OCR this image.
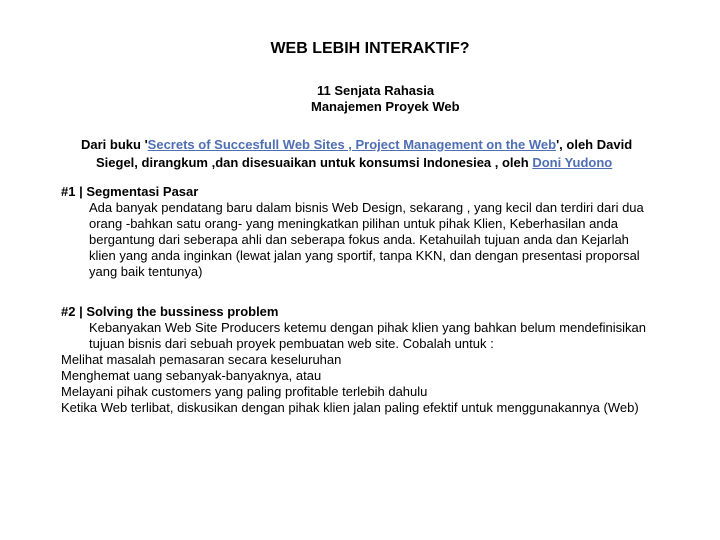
WEB LEBIH INTERAKTIF?
11 Senjata Rahasia
Manajemen Proyek Web
Dari buku 'Secrets of Succesfull Web Sites , Project Management on the Web', oleh David
Siegel, dirangkum ,dan disesuaikan untuk konsumsi Indonesiea , oleh Doni Yudono
#1 | Segmentasi Pasar
Ada banyak pendatang baru dalam bisnis Web Design, sekarang , yang kecil dan terdiri dari dua
orang -bahkan satu orang- yang meningkatkan pilihan untuk pihak Klien, Keberhasilan anda
bergantung dari seberapa ahli dan seberapa fokus anda. Ketahuilah tujuan anda dan Kejarlah
klien yang anda inginkan (lewat jalan yang sportif, tanpa KKN, dan dengan presentasi proporsal
yang baik tentunya)
#2 | Solving the bussiness problem
Kebanyakan Web Site Producers ketemu dengan pihak klien yang bahkan belum mendefinisikan
tujuan bisnis dari sebuah proyek pembuatan web site. Cobalah untuk :
Melihat masalah pemasaran secara keseluruhan
Menghemat uang sebanyak-banyaknya, atau
Melayani pihak customers yang paling profitable terlebih dahulu
Ketika Web terlibat, diskusikan dengan pihak klien jalan paling efektif untuk menggunakannya (Web)
